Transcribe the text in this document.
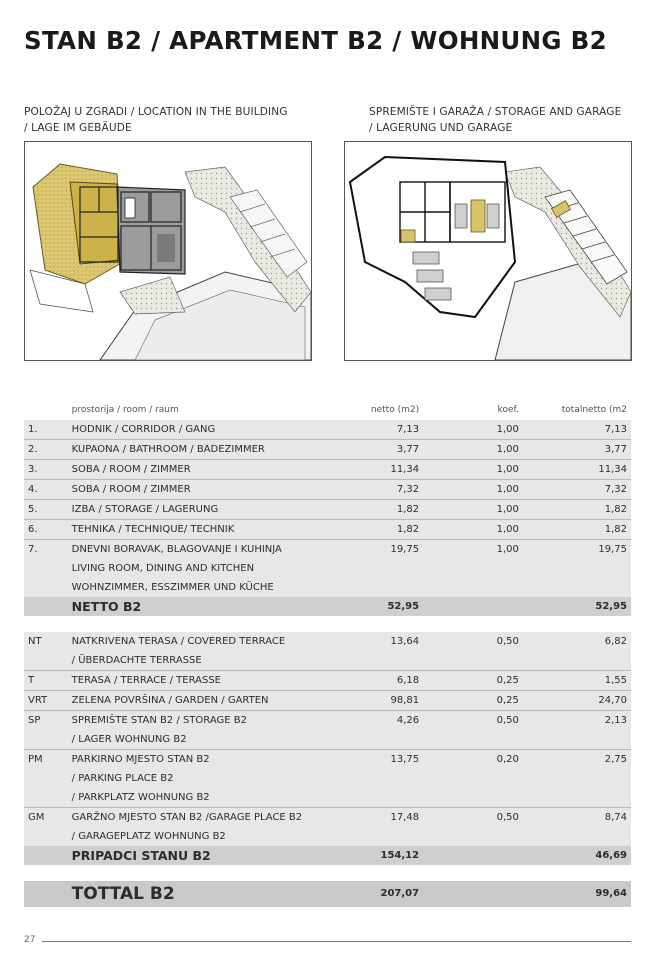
STAN B2 / APARTMENT B2 / WOHNUNG B2
POLOŽAJ U ZGRADI / LOCATION IN THE BUILDING
/ LAGE IM GEBÄUDE
SPREMIŠTE I GARAŽA / STORAGE AND GARAGE
/ LAGERUNG UND GARAGE
	prostorija / room / raum	netto (m2)	koef.	totalnetto (m2
1.	HODNIK / CORRIDOR / GANG	7,13	1,00	7,13
2.	KUPAONA / BATHROOM / BADEZIMMER	3,77	1,00	3,77
3.	SOBA / ROOM / ZIMMER	11,34	1,00	11,34
4.	SOBA / ROOM / ZIMMER	7,32	1,00	7,32
5.	IZBA / STORAGE / LAGERUNG	1,82	1,00	1,82
6.	TEHNIKA / TECHNIQUE/ TECHNIK	1,82	1,00	1,82
7.	DNEVNI BORAVAK, BLAGOVANJE I KUHINJA	19,75	1,00	19,75
	LIVING ROOM, DINING AND KITCHEN			
	WOHNZIMMER, ESSZIMMER UND KÜCHE			
	NETTO B2	52,95		52,95

NT	NATKRIVENA TERASA / COVERED TERRACE	13,64	0,50	6,82
	/ ÜBERDACHTE TERRASSE			
T	TERASA / TERRACE / TERASSE	6,18	0,25	1,55
VRT	ZELENA POVRŠINA / GARDEN / GARTEN	98,81	0,25	24,70
SP	SPREMIŠTE STAN B2 / STORAGE B2	4,26	0,50	2,13
	/ LAGER WOHNUNG B2			
PM	PARKIRNO MJESTO STAN B2	13,75	0,20	2,75
	/ PARKING PLACE B2			
	/ PARKPLATZ WOHNUNG B2			
GM	GARŽNO MJESTO STAN B2 /GARAGE PLACE B2	17,48	0,50	8,74
	/ GARAGEPLATZ WOHNUNG B2			
	PRIPADCI STANU B2	154,12		46,69

	TOTTAL B2	207,07		99,64
27
